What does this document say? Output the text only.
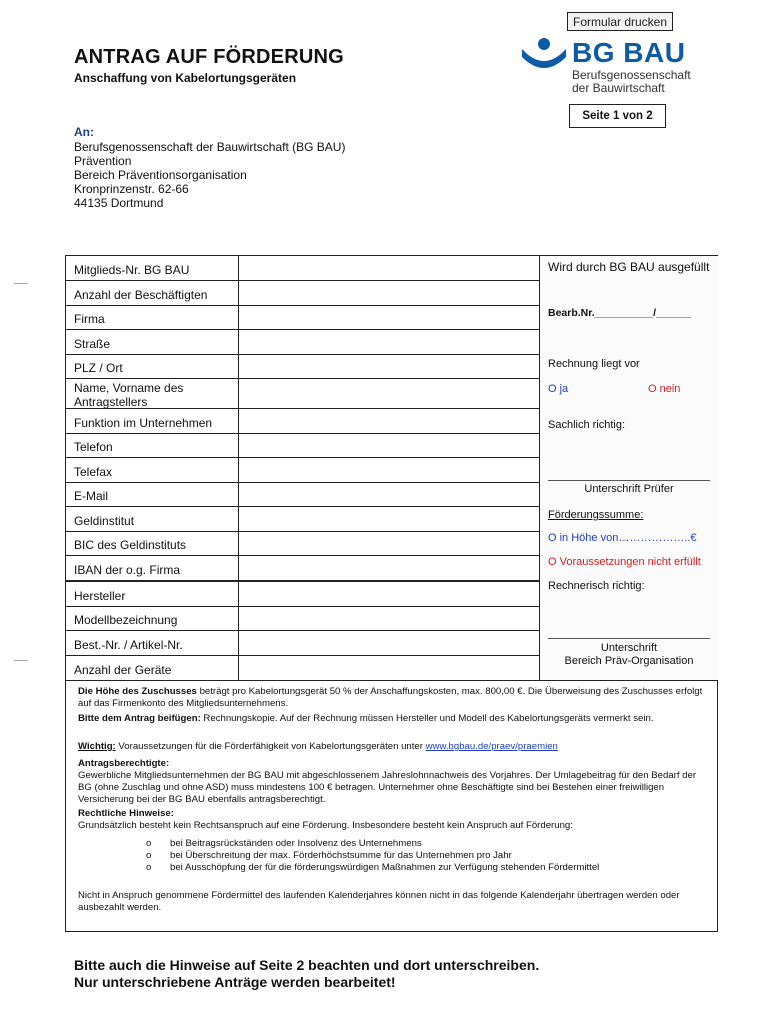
Formular drucken
ANTRAG AUF FÖRDERUNG
Anschaffung von Kabelortungsgeräten
BG BAU
Berufsgenossenschaft
der Bauwirtschaft
Seite 1 von 2
An:
Berufsgenossenschaft der Bauwirtschaft (BG BAU)
Prävention
Bereich Präventionsorganisation
Kronprinzenstr. 62-66
44135 Dortmund
Mitglieds-Nr. BG BAU
Anzahl der Beschäftigten
Firma
Straße
PLZ / Ort
Name, Vorname des Antragstellers
Funktion im Unternehmen
Telefon
Telefax
E-Mail
Geldinstitut
BIC des Geldinstituts
IBAN der o.g. Firma
Hersteller
Modellbezeichnung
Best.-Nr. / Artikel-Nr.
Anzahl der Geräte
Wird durch BG BAU ausgefüllt
Bearb.Nr.__________/______
Rechnung liegt vor
O ja	O nein
Sachlich richtig:
Unterschrift Prüfer
Förderungssumme:
O in Höhe von………………..€
O Voraussetzungen nicht erfüllt
Rechnerisch richtig:
Unterschrift
Bereich Präv-Organisation
Die Höhe des Zuschusses beträgt pro Kabelortungsgerät 50 % der Anschaffungskosten, max. 800,00 €. Die Überweisung des Zuschusses erfolgt auf das Firmenkonto des Mitgliedsunternehmens.
Bitte dem Antrag beifügen: Rechnungskopie. Auf der Rechnung müssen Hersteller und Modell des Kabelortungsgeräts vermerkt sein.
Wichtig: Voraussetzungen für die Förderfähigkeit von Kabelortungsgeräten unter www.bgbau.de/praev/praemien
Antragsberechtigte:
Gewerbliche Mitgliedsunternehmen der BG BAU mit abgeschlossenem Jahreslohnnachweis des Vorjahres. Der Umlagebeitrag für den Bedarf der BG (ohne Zuschlag und ohne ASD) muss mindestens 100 € betragen. Unternehmer ohne Beschäftigte sind bei Bestehen einer freiwilligen Versicherung bei der BG BAU ebenfalls antragsberechtigt.
Rechtliche Hinweise:
Grundsätzlich besteht kein Rechtsanspruch auf eine Förderung. Insbesondere besteht kein Anspruch auf Förderung:
o bei Beitragsrückständen oder Insolvenz des Unternehmens
o bei Überschreitung der max. Förderhöchstsumme für das Unternehmen pro Jahr
o bei Ausschöpfung der für die förderungswürdigen Maßnahmen zur Verfügung stehenden Fördermittel
Nicht in Anspruch genommene Fördermittel des laufenden Kalenderjahres können nicht in das folgende Kalenderjahr übertragen werden oder ausbezahlt werden.
Bitte auch die Hinweise auf Seite 2 beachten und dort unterschreiben.
Nur unterschriebene Anträge werden bearbeitet!
